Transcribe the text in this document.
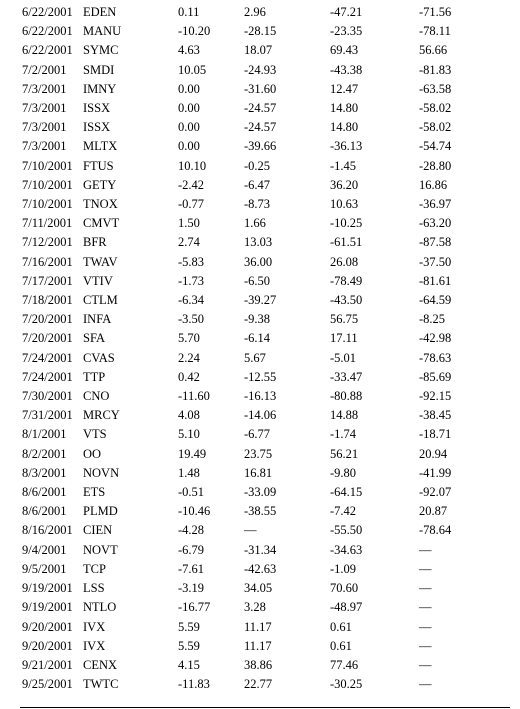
6/22/2001	EDEN	0.11	2.96	-47.21	-71.56
6/22/2001	MANU	-10.20	-28.15	-23.35	-78.11
6/22/2001	SYMC	4.63	18.07	69.43	56.66
7/2/2001	SMDI	10.05	-24.93	-43.38	-81.83
7/3/2001	IMNY	0.00	-31.60	12.47	-63.58
7/3/2001	ISSX	0.00	-24.57	14.80	-58.02
7/3/2001	ISSX	0.00	-24.57	14.80	-58.02
7/3/2001	MLTX	0.00	-39.66	-36.13	-54.74
7/10/2001	FTUS	10.10	-0.25	-1.45	-28.80
7/10/2001	GETY	-2.42	-6.47	36.20	16.86
7/10/2001	TNOX	-0.77	-8.73	10.63	-36.97
7/11/2001	CMVT	1.50	1.66	-10.25	-63.20
7/12/2001	BFR	2.74	13.03	-61.51	-87.58
7/16/2001	TWAV	-5.83	36.00	26.08	-37.50
7/17/2001	VTIV	-1.73	-6.50	-78.49	-81.61
7/18/2001	CTLM	-6.34	-39.27	-43.50	-64.59
7/20/2001	INFA	-3.50	-9.38	56.75	-8.25
7/20/2001	SFA	5.70	-6.14	17.11	-42.98
7/24/2001	CVAS	2.24	5.67	-5.01	-78.63
7/24/2001	TTP	0.42	-12.55	-33.47	-85.69
7/30/2001	CNO	-11.60	-16.13	-80.88	-92.15
7/31/2001	MRCY	4.08	-14.06	14.88	-38.45
8/1/2001	VTS	5.10	-6.77	-1.74	-18.71
8/2/2001	OO	19.49	23.75	56.21	20.94
8/3/2001	NOVN	1.48	16.81	-9.80	-41.99
8/6/2001	ETS	-0.51	-33.09	-64.15	-92.07
8/6/2001	PLMD	-10.46	-38.55	-7.42	20.87
8/16/2001	CIEN	-4.28	—	-55.50	-78.64
9/4/2001	NOVT	-6.79	-31.34	-34.63	—
9/5/2001	TCP	-7.61	-42.63	-1.09	—
9/19/2001	LSS	-3.19	34.05	70.60	—
9/19/2001	NTLO	-16.77	3.28	-48.97	—
9/20/2001	IVX	5.59	11.17	0.61	—
9/20/2001	IVX	5.59	11.17	0.61	—
9/21/2001	CENX	4.15	38.86	77.46	—
9/25/2001	TWTC	-11.83	22.77	-30.25	—
